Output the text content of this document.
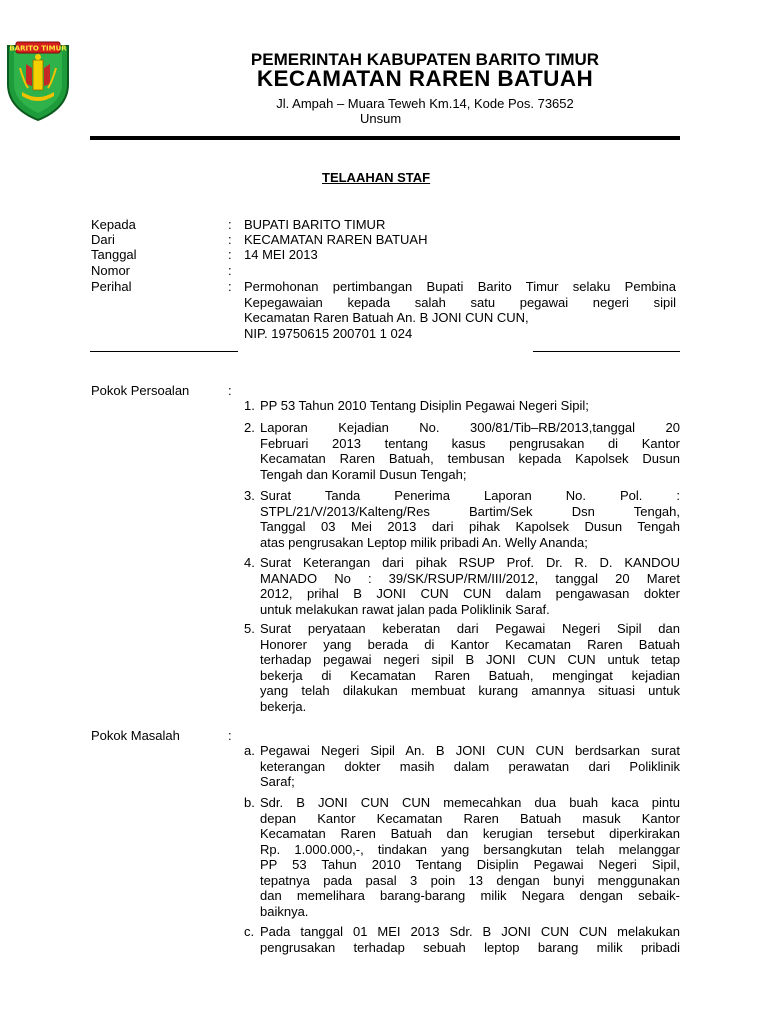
BARITO TIMUR
PEMERINTAH KABUPATEN BARITO TIMUR
KECAMATAN RAREN BATUAH
Jl. Ampah – Muara Teweh Km.14, Kode Pos. 73652
Unsum
TELAAHAN STAF
Kepada	: BUPATI BARITO TIMUR
Dari	: KECAMATAN RAREN BATUAH
Tanggal	: 14 MEI 2013
Nomor	:
Perihal	: Permohonan pertimbangan Bupati Barito Timur selaku Pembina
Kepegawaian kepada salah satu pegawai negeri sipil
Kecamatan Raren Batuah An. B JONI CUN CUN,
NIP. 19750615 200701 1 024
Pokok Persoalan	:
1. PP 53 Tahun 2010 Tentang Disiplin Pegawai Negeri Sipil;
2. Laporan Kejadian No. 300/81/Tib–RB/2013,tanggal 20
Februari 2013 tentang kasus pengrusakan di Kantor
Kecamatan Raren Batuah, tembusan kepada Kapolsek Dusun
Tengah dan Koramil Dusun Tengah;
3. Surat Tanda Penerima Laporan No. Pol. :
STPL/21/V/2013/Kalteng/Res Bartim/Sek Dsn Tengah,
Tanggal 03 Mei 2013 dari pihak Kapolsek Dusun Tengah
atas pengrusakan Leptop milik pribadi An. Welly Ananda;
4. Surat Keterangan dari pihak RSUP Prof. Dr. R. D. KANDOU
MANADO No : 39/SK/RSUP/RM/III/2012, tanggal 20 Maret
2012, prihal B JONI CUN CUN dalam pengawasan dokter
untuk melakukan rawat jalan pada Poliklinik Saraf.
5. Surat peryataan keberatan dari Pegawai Negeri Sipil dan
Honorer yang berada di Kantor Kecamatan Raren Batuah
terhadap pegawai negeri sipil B JONI CUN CUN untuk tetap
bekerja di Kecamatan Raren Batuah, mengingat kejadian
yang telah dilakukan membuat kurang amannya situasi untuk
bekerja.
Pokok Masalah	:
a. Pegawai Negeri Sipil An. B JONI CUN CUN berdsarkan surat
keterangan dokter masih dalam perawatan dari Poliklinik
Saraf;
b. Sdr. B JONI CUN CUN memecahkan dua buah kaca pintu
depan Kantor Kecamatan Raren Batuah masuk Kantor
Kecamatan Raren Batuah dan kerugian tersebut diperkirakan
Rp. 1.000.000,-, tindakan yang bersangkutan telah melanggar
PP 53 Tahun 2010 Tentang Disiplin Pegawai Negeri Sipil,
tepatnya pada pasal 3 poin 13 dengan bunyi menggunakan
dan memelihara barang-barang milik Negara dengan sebaik-
baiknya.
c. Pada tanggal 01 MEI 2013 Sdr. B JONI CUN CUN melakukan
pengrusakan terhadap sebuah leptop barang milik pribadi
